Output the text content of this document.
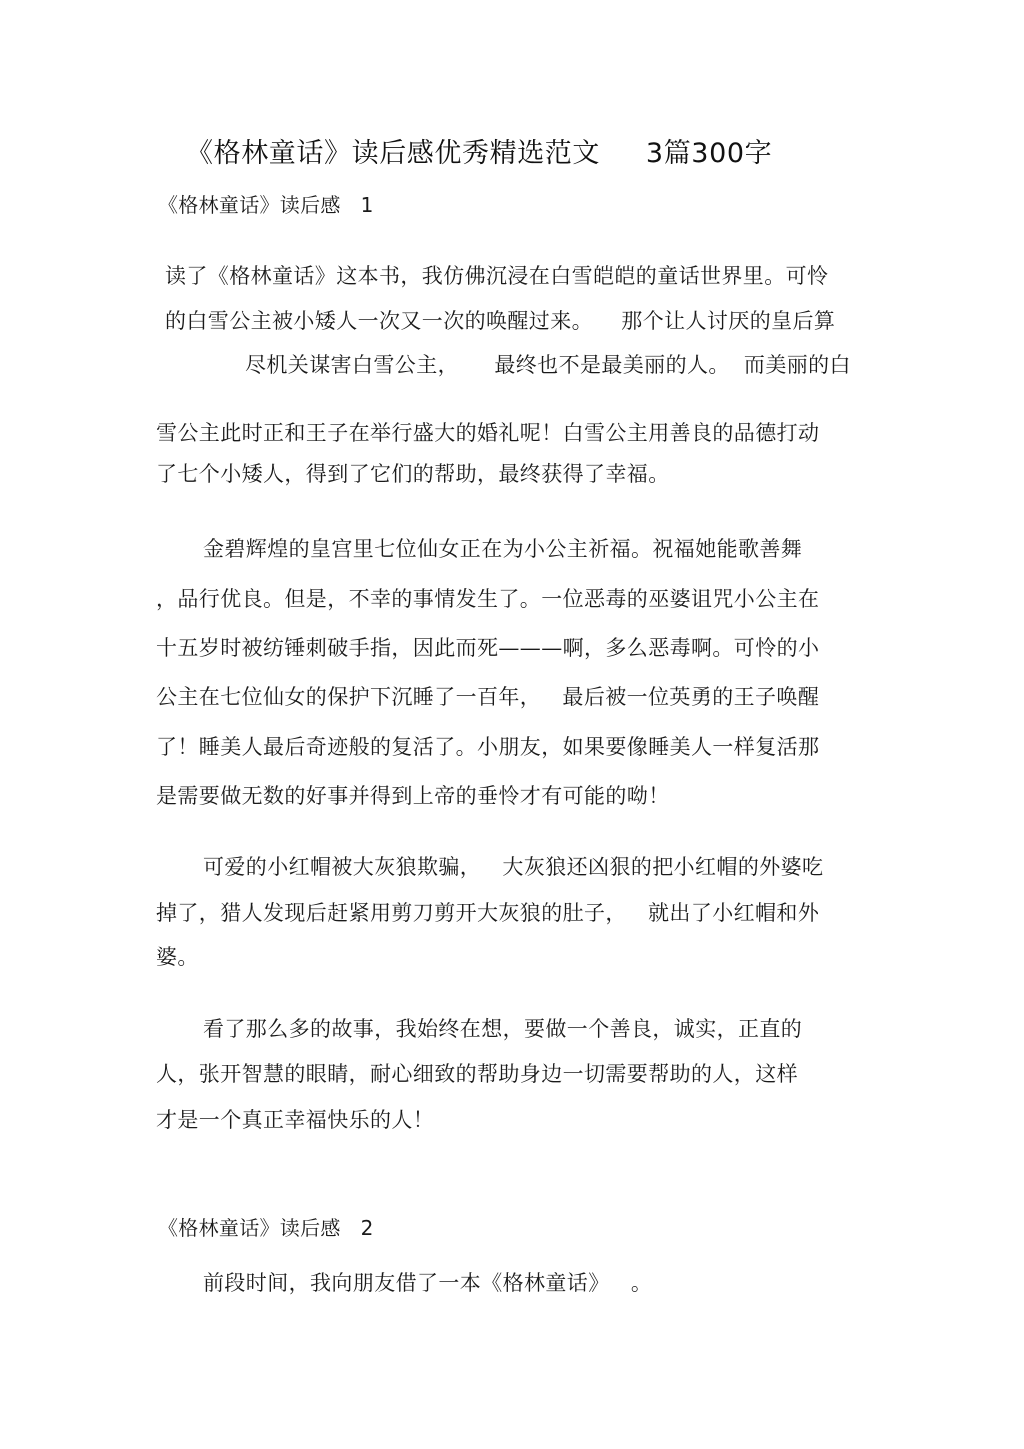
《格林童话》读后感优秀精选范文     3篇300字
《格林童话》读后感   1
读了《格林童话》这本书，我仿佛沉浸在白雪皑皑的童话世界里。可怜
的白雪公主被小矮人一次又一次的唤醒过来。    那个让人讨厌的皇后算
尽机关谋害白雪公主，     最终也不是最美丽的人。  而美丽的白
雪公主此时正和王子在举行盛大的婚礼呢！白雪公主用善良的品德打动
了七个小矮人，得到了它们的帮助，最终获得了幸福。
金碧辉煌的皇宫里七位仙女正在为小公主祈福。祝福她能歌善舞
，品行优良。但是，不幸的事情发生了。一位恶毒的巫婆诅咒小公主在
十五岁时被纺锤刺破手指，因此而死———啊，多么恶毒啊。可怜的小
公主在七位仙女的保护下沉睡了一百年，   最后被一位英勇的王子唤醒
了！睡美人最后奇迹般的复活了。小朋友，如果要像睡美人一样复活那
是需要做无数的好事并得到上帝的垂怜才有可能的呦！
可爱的小红帽被大灰狼欺骗，   大灰狼还凶狠的把小红帽的外婆吃
掉了，猎人发现后赶紧用剪刀剪开大灰狼的肚子，   就出了小红帽和外
婆。
看了那么多的故事，我始终在想，要做一个善良，诚实，正直的
人，张开智慧的眼睛，耐心细致的帮助身边一切需要帮助的人，这样
才是一个真正幸福快乐的人！
《格林童话》读后感   2
前段时间，我向朋友借了一本《格林童话》   。
